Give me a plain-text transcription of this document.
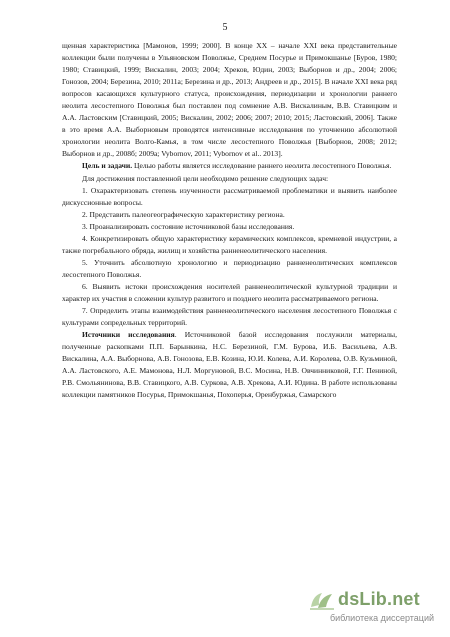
5

щенная характеристика [Мамонов, 1999; 2000]. В конце XX – начале XXI века представительные коллекции были получены в Ульяновском Поволжье, Среднем Посурье и Примокшанье [Буров, 1980; 1980; Ставицкий, 1999; Вискалин, 2003; 2004; Хреков, Юдин, 2003; Выборнов и др., 2004; 2006; Гонозов, 2004; Березина, 2010; 2011а; Березина и др., 2013; Андреев и др., 2015]. В начале XXI века ряд вопросов касающихся культурного статуса, происхождения, периодизации и хронологии раннего неолита лесостепного Поволжья был поставлен под сомнение А.В. Вискалиным, В.В. Ставицким и А.А. Ластовским [Ставицкий, 2005; Вискалин, 2002; 2006; 2007; 2010; 2015; Ластовский, 2006]. Также в это время А.А. Выборновым проводятся интенсивные исследования по уточнению абсолютной хронологии неолита Волго-Камья, в том числе лесостепного Поволжья [Выборнов, 2008; 2012; Выборнов и др., 2008б; 2009а; Vybornov, 2011; Vybornov et al.. 2013].

Цель и задачи. Целью работы является исследование раннего неолита лесостепного Поволжья.

Для достижения поставленной цели необходимо решение следующих задач:

1. Охарактеризовать степень изученности рассматриваемой проблематики и выявить наиболее дискуссионные вопросы.

2. Представить палеогеографическую характеристику региона.

3. Проанализировать состояние источниковой базы исследования.

4. Конкретизировать общую характеристику керамических комплексов, кремневой индустрии, а также погребального обряда, жилищ и хозяйства ранненеолитического населения.

5. Уточнить абсолютную хронологию и периодизацию ранненеолитических комплексов лесостепного Поволжья.

6. Выявить истоки происхождения носителей ранненеолитической культурной традиции и характер их участия в сложении культур развитого и позднего неолита рассматриваемого региона.

7. Определить этапы взаимодействия ранненеолитического населения лесостепного Поволжья с культурами сопредельных территорий.

Источники исследования. Источниковой базой исследования послужили материалы, полученные раскопками П.П. Барынкина, Н.С. Березиной, Г.М. Бурова, И.Б. Васильева, А.В. Вискалина, А.А. Выборнова, А.В. Гонозова, Е.В. Козина, Ю.И. Колева, А.И. Королева, О.В. Кузьминой, А.А. Ластовского, А.Е. Мамонова, Н.Л. Моргуновой, В.С. Мосина, Н.В. Овчинниковой, Г.Г. Пениной, Р.В. Смольянинова, В.В. Ставицкого, А.В. Суркова, А.В. Хрекова, А.И. Юдина. В работе использованы коллекции памятников Посурья, Примокшанья, Похоперья, Оренбуржья, Самарского

dsLib.net
библиотека диссертаций
